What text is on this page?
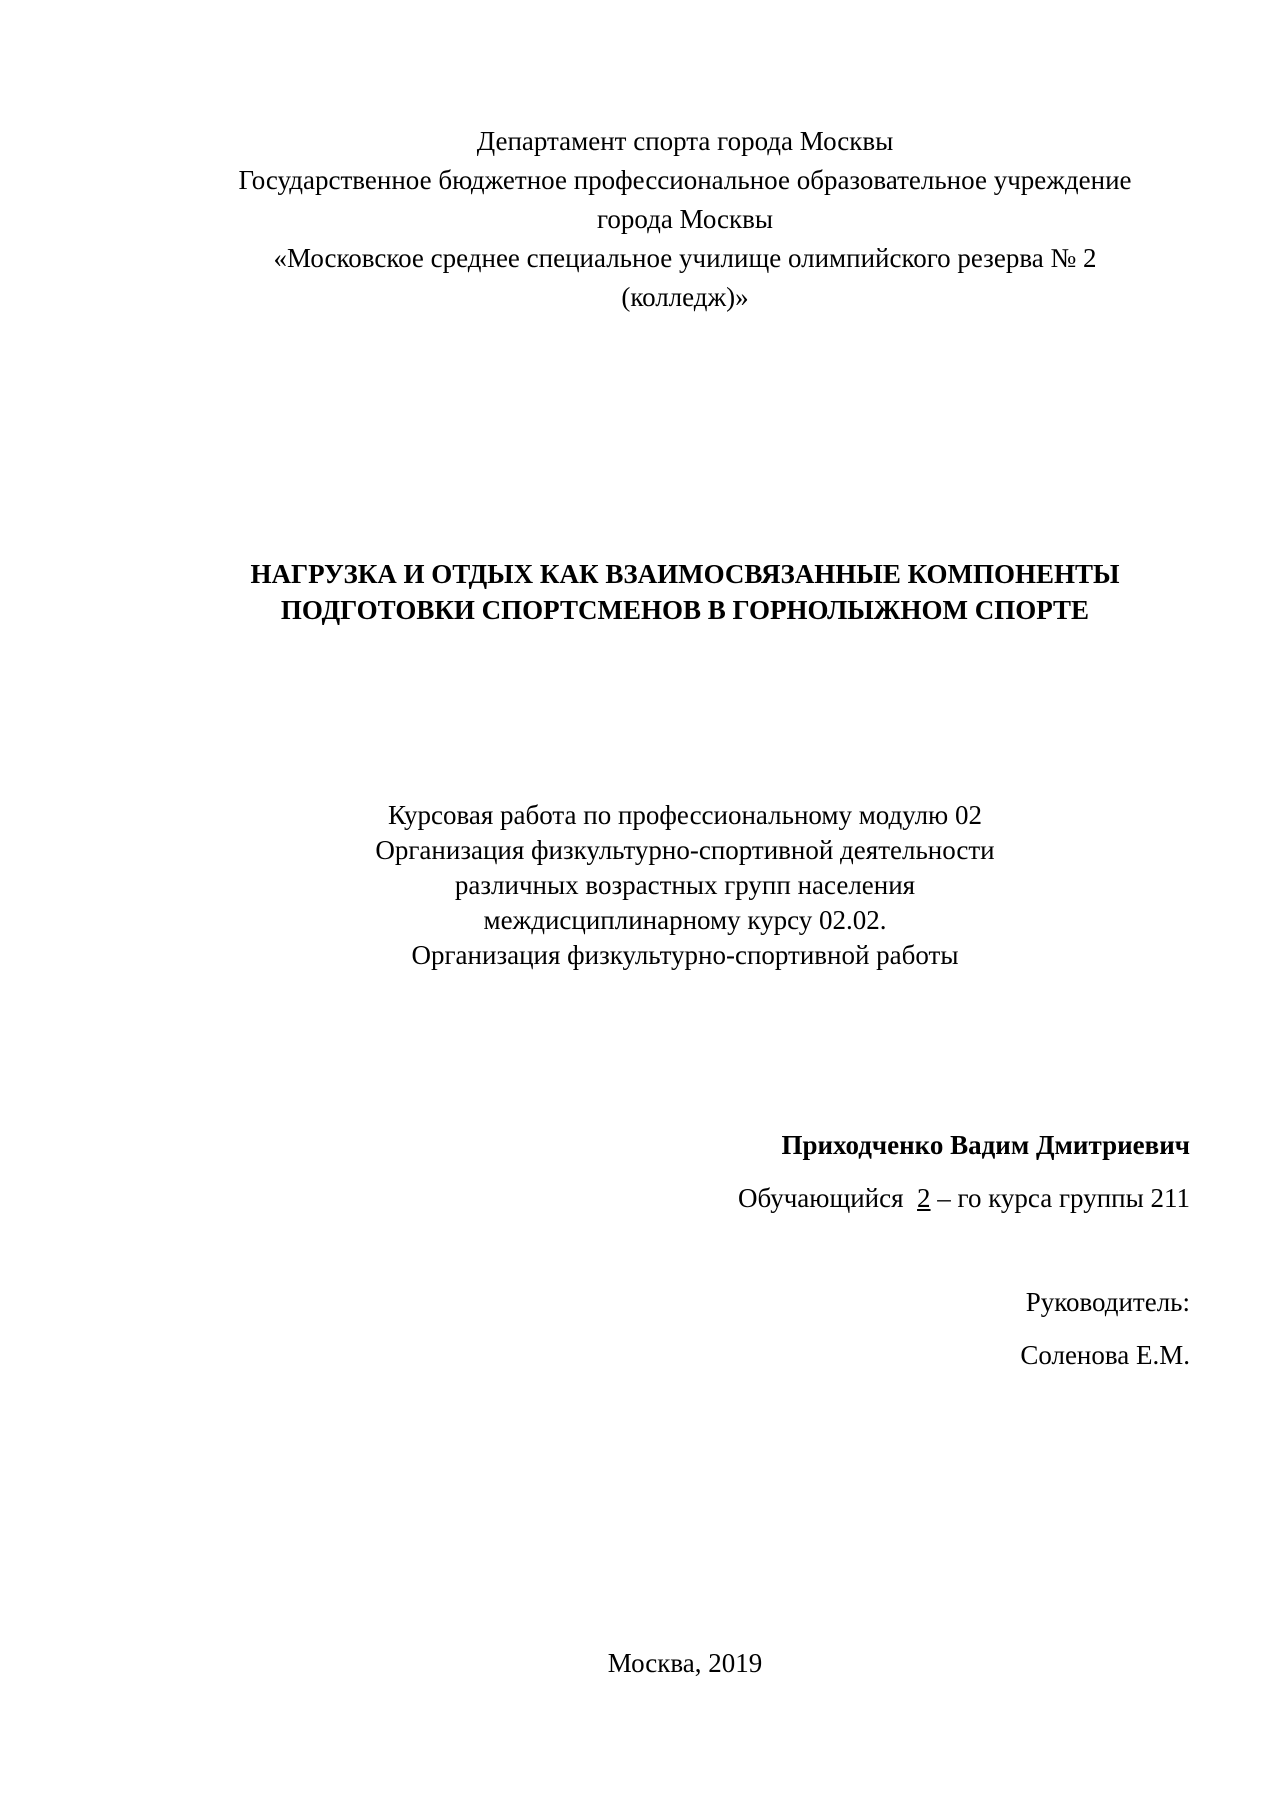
Департамент спорта города Москвы
Государственное бюджетное профессиональное образовательное учреждение
города Москвы
«Московское среднее специальное училище олимпийского резерва № 2
(колледж)»
НАГРУЗКА И ОТДЫХ КАК ВЗАИМОСВЯЗАННЫЕ КОМПОНЕНТЫ
ПОДГОТОВКИ СПОРТСМЕНОВ В ГОРНОЛЫЖНОМ СПОРТЕ
Курсовая работа по профессиональному модулю 02
Организация физкультурно-спортивной деятельности
различных возрастных групп населения
междисциплинарному курсу 02.02.
Организация физкультурно-спортивной работы
Приходченко Вадим Дмитриевич
Обучающийся 2 – го курса группы 211
Руководитель:
Соленова Е.М.
Москва, 2019
